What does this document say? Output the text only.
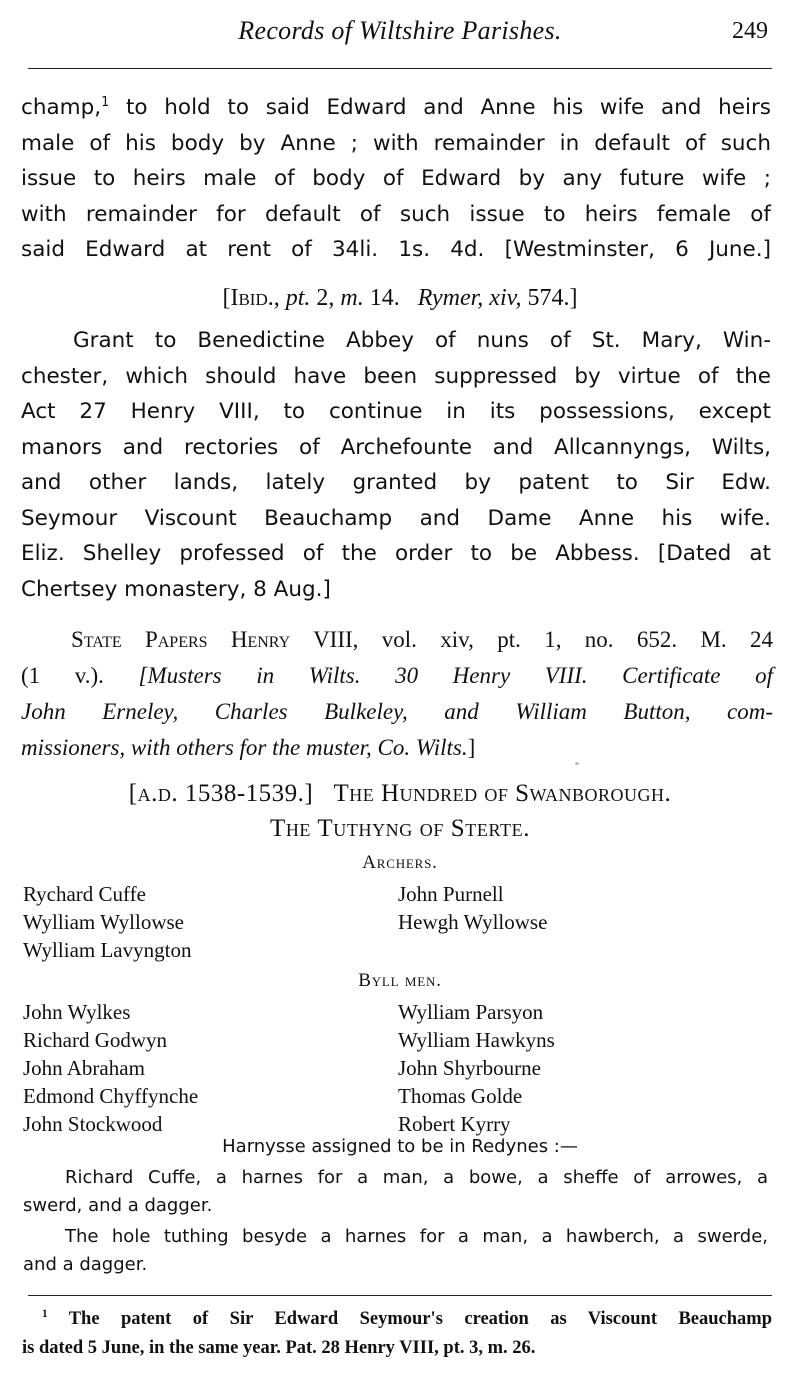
Records of Wiltshire Parishes.	249
champ,$^1$ to hold to said Edward and Anne his wife and heirs
male of his body by Anne ; with remainder in default of such
issue to heirs male of body of Edward by any future wife ;
with remainder for default of such issue to heirs female of
said Edward at rent of 34li. 1s. 4d. [Westminster, 6 June.]
[Ibid., pt. 2, m. 14. Rymer, xiv, 574.]
Grant to Benedictine Abbey of nuns of St. Mary, Win-
chester, which should have been suppressed by virtue of the
Act 27 Henry VIII, to continue in its possessions, except
manors and rectories of Archefounte and Allcannyngs, Wilts,
and other lands, lately granted by patent to Sir Edw.
Seymour Viscount Beauchamp and Dame Anne his wife.
Eliz. Shelley professed of the order to be Abbess. [Dated at
Chertsey monastery, 8 Aug.]
State Papers Henry VIII, vol. xiv, pt. 1, no. 652. M. 24
(1 v.). [Musters in Wilts. 30 Henry VIII. Certificate of
John Erneley, Charles Bulkeley, and William Button, com-
missioners, with others for the muster, Co. Wilts.]
[a.d. 1538-1539.] The Hundred of Swanborough.
The Tuthyng of Sterte.
Archers.
Rychard Cuffe
Wylliam Wyllowse
Wylliam Lavyngton
John Purnell
Hewgh Wyllowse
Byll men.
John Wylkes
Richard Godwyn
John Abraham
Edmond Chyffynche
John Stockwood
Wylliam Parsyon
Wylliam Hawkyns
John Shyrbourne
Thomas Golde
Robert Kyrry
Harnysse assigned to be in Redynes :—
Richard Cuffe, a harnes for a man, a bowe, a sheffe of arrowes, a
swerd, and a dagger.
The hole tuthing besyde a harnes for a man, a hawberch, a swerde,
and a dagger.
$^1$ The patent of Sir Edward Seymour's creation as Viscount Beauchamp
is dated 5 June, in the same year. Pat. 28 Henry VIII, pt. 3, m. 26.
